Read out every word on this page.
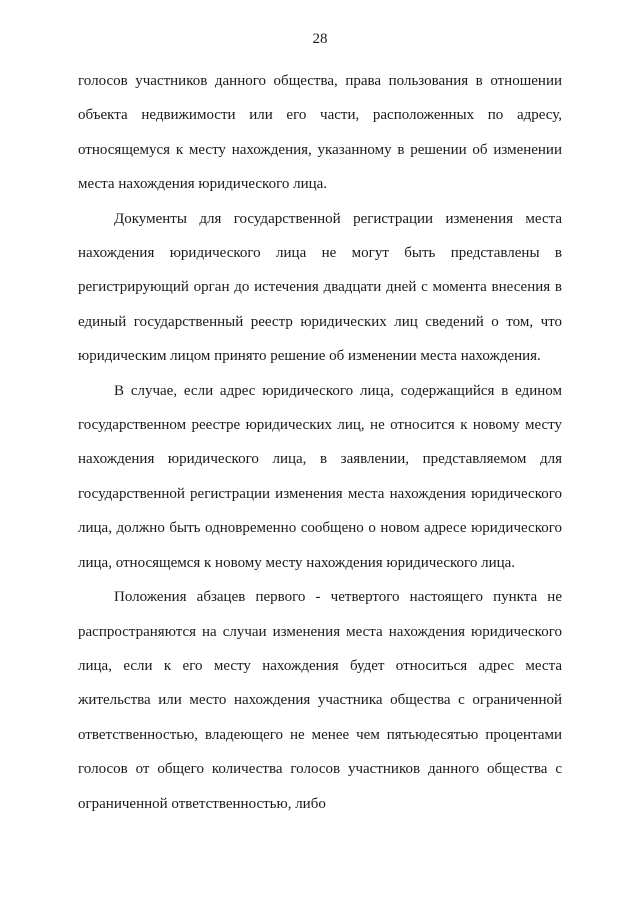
28

голосов участников данного общества, права пользования в отношении объекта недвижимости или его части, расположенных по адресу, относящемуся к месту нахождения, указанному в решении об изменении места нахождения юридического лица.

Документы для государственной регистрации изменения места нахождения юридического лица не могут быть представлены в регистрирующий орган до истечения двадцати дней с момента внесения в единый государственный реестр юридических лиц сведений о том, что юридическим лицом принято решение об изменении места нахождения.

В случае, если адрес юридического лица, содержащийся в едином государственном реестре юридических лиц, не относится к новому месту нахождения юридического лица, в заявлении, представляемом для государственной регистрации изменения места нахождения юридического лица, должно быть одновременно сообщено о новом адресе юридического лица, относящемся к новому месту нахождения юридического лица.

Положения абзацев первого - четвертого настоящего пункта не распространяются на случаи изменения места нахождения юридического лица, если к его месту нахождения будет относиться адрес места жительства или место нахождения участника общества с ограниченной ответственностью, владеющего не менее чем пятьюдесятью процентами голосов от общего количества голосов участников данного общества с ограниченной ответственностью, либо
